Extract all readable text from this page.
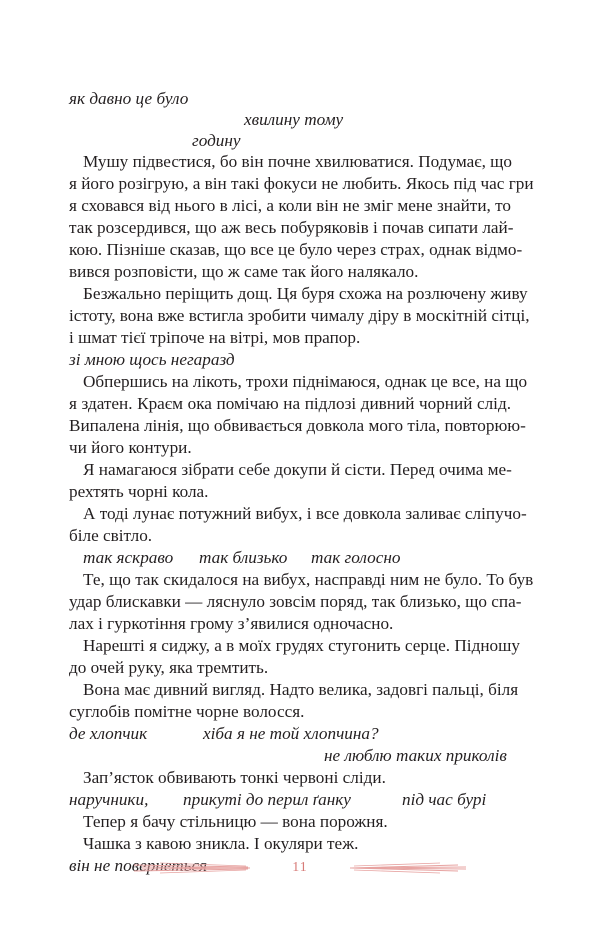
як давно це було
хвилину тому
годину
Мушу підвестися, бо він почне хвилюватися. Подумає, що
я його розігрую, а він такі фокуси не любить. Якось під час гри
я сховався від нього в лісі, а коли він не зміг мене знайти, то
так розсердився, що аж весь побуряковів і почав сипати лай-
кою. Пізніше сказав, що все це було через страх, однак відмо-
вився розповісти, що ж саме так його налякало.
Безжально періщить дощ. Ця буря схожа на розлючену живу
істоту, вона вже встигла зробити чималу діру в москітній сітці,
і шмат тієї тріпоче на вітрі, мов прапор.
зі мною щось негаразд
Обпершись на лікоть, трохи піднімаюся, однак це все, на що
я здатен. Краєм ока помічаю на підлозі дивний чорний слід.
Випалена лінія, що обвивається довкола мого тіла, повторюю-
чи його контури.
Я намагаюся зібрати себе докупи й сісти. Перед очима ме-
рехтять чорні кола.
А тоді лунає потужний вибух, і все довкола заливає сліпучо-
біле світло.
так яскраво так близько так голосно
Те, що так скидалося на вибух, насправді ним не було. То був
удар блискавки — ляснуло зовсім поряд, так близько, що спа-
лах і гуркотіння грому з’явилися одночасно.
Нарешті я сиджу, а в моїх грудях стугонить серце. Підношу
до очей руку, яка тремтить.
Вона має дивний вигляд. Надто велика, задовгі пальці, біля
суглобів помітне чорне волосся.
де хлопчик	хіба я не той хлопчина?
не люблю таких приколів
Зап’ясток обвивають тонкі червоні сліди.
наручники, прикуті до перил ґанку	під час бурі
Тепер я бачу стільницю — вона порожня.
Чашка з кавою зникла. І окуляри теж.
він не повернеться	11
